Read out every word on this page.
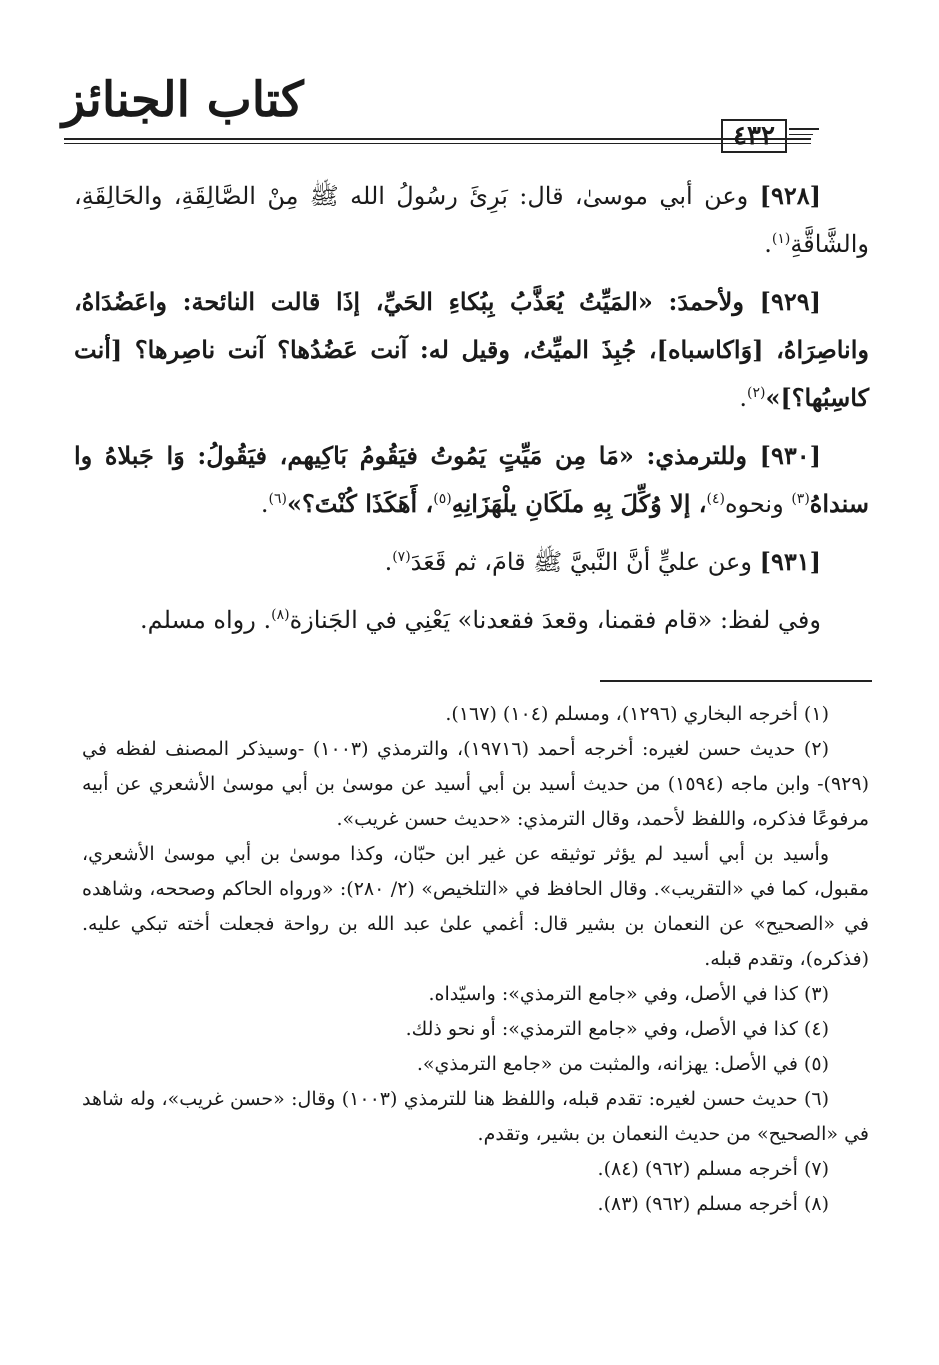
كتاب الجنائز
٤٣٢

[٩٢٨] وعن أبي موسىٰ، قال: بَرِئَ رسُولُ الله ﷺ مِنْ الصَّالِقَةِ، والحَالِقَةِ، والشَّاقَّةِ$^{(١)}$.

[٩٢٩] ولأحمدَ: «المَيِّتُ يُعَذَّبُ بِبُكاءِ الحَيِّ، إذَا قالت النائحة: واعَضُدَاهُ، واناصِرَاهُ، [وَاكاسباه]، جُبِذَ الميِّتُ، وقيل له: آنت عَضُدُها؟ آنت ناصِرها؟ [أنت كاسِبُها؟]»$^{(٢)}$.

[٩٣٠] وللترمذي: «مَا مِن مَيِّتٍ يَمُوتُ فيَقُومُ بَاكِيهم، فيَقُولُ: وَا جَبلاهُ وا سنداهُ$^{(٣)}$ ونحوه$^{(٤)}$، إلا وُكِّلَ بِهِ ملَكَانِ يلْهَزَانِهِ$^{(٥)}$، أَهَكَذَا كُنْتَ؟»$^{(٦)}$.

[٩٣١] وعن عليٍّ أنَّ النَّبيَّ ﷺ قامَ، ثم قَعَدَ$^{(٧)}$.

وفي لفظ: «قام فقمنا، وقعدَ فقعدنا» يَعْنِي في الجَنازة$^{(٨)}$. رواه مسلم.

(١) أخرجه البخاري (١٢٩٦)، ومسلم (١٠٤) (١٦٧).

(٢) حديث حسن لغيره: أخرجه أحمد (١٩٧١٦)، والترمذي (١٠٠٣) -وسيذكر المصنف لفظه في (٩٢٩)- وابن ماجه (١٥٩٤) من حديث أسيد بن أبي أسيد عن موسىٰ بن أبي موسىٰ الأشعري عن أبيه مرفوعًا فذكره، واللفظ لأحمد، وقال الترمذي: «حديث حسن غريب».

وأسيد بن أبي أسيد لم يؤثر توثيقه عن غير ابن حبّان، وكذا موسىٰ بن أبي موسىٰ الأشعري، مقبول، كما في «التقريب». وقال الحافظ في «التلخيص» (٢/ ٢٨٠): «ورواه الحاكم وصححه، وشاهده في «الصحيح» عن النعمان بن بشير قال: أغمي علىٰ عبد الله بن رواحة فجعلت أخته تبكي عليه. (فذكره)، وتقدم قبله.

(٣) كذا في الأصل، وفي «جامع الترمذي»: واسيّداه.

(٤) كذا في الأصل، وفي «جامع الترمذي»: أو نحو ذلك.

(٥) في الأصل: يهزانه، والمثبت من «جامع الترمذي».

(٦) حديث حسن لغيره: تقدم قبله، واللفظ هنا للترمذي (١٠٠٣) وقال: «حسن غريب»، وله شاهد في «الصحيح» من حديث النعمان بن بشير، وتقدم.

(٧) أخرجه مسلم (٩٦٢) (٨٤).

(٨) أخرجه مسلم (٩٦٢) (٨٣).
